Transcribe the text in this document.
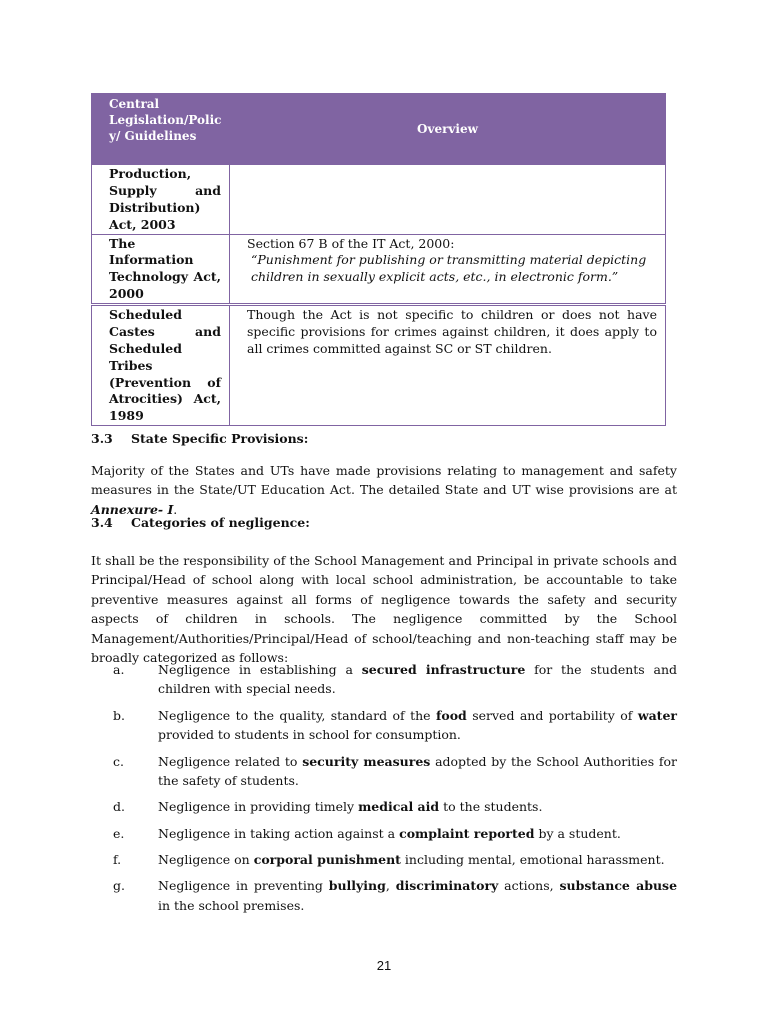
Central Legislation/Polic y/ Guidelines	Overview
Production, Supply and Distribution) Act, 2003	
The Information Technology Act, 2000	Section 67 B of the IT Act, 2000:
“Punishment for publishing or transmitting material depicting children in sexually explicit acts, etc., in electronic form.”

Scheduled Castes and Scheduled Tribes (Prevention of Atrocities) Act, 1989	Though the Act is not specific to children or does not have specific provisions for crimes against children, it does apply to all crimes committed against SC or ST children.
3.3 State Specific Provisions:
Majority of the States and UTs have made provisions relating to management and safety measures in the State/UT Education Act. The detailed State and UT wise provisions are at Annexure- I.
3.4 Categories of negligence:
It shall be the responsibility of the School Management and Principal in private schools and Principal/Head of school along with local school administration, be accountable to take preventive measures against all forms of negligence towards the safety and security aspects of children in schools. The negligence committed by the School Management/Authorities/Principal/Head of school/teaching and non-teaching staff may be broadly categorized as follows:
a.	Negligence in establishing a secured infrastructure for the students and children with special needs.
b.	Negligence to the quality, standard of the food served and portability of water provided to students in school for consumption.
c.	Negligence related to security measures adopted by the School Authorities for the safety of students.
d.	Negligence in providing timely medical aid to the students.
e.	Negligence in taking action against a complaint reported by a student.
f.	Negligence on corporal punishment including mental, emotional harassment.
g.	Negligence in preventing bullying, discriminatory actions, substance abuse in the school premises.
21
